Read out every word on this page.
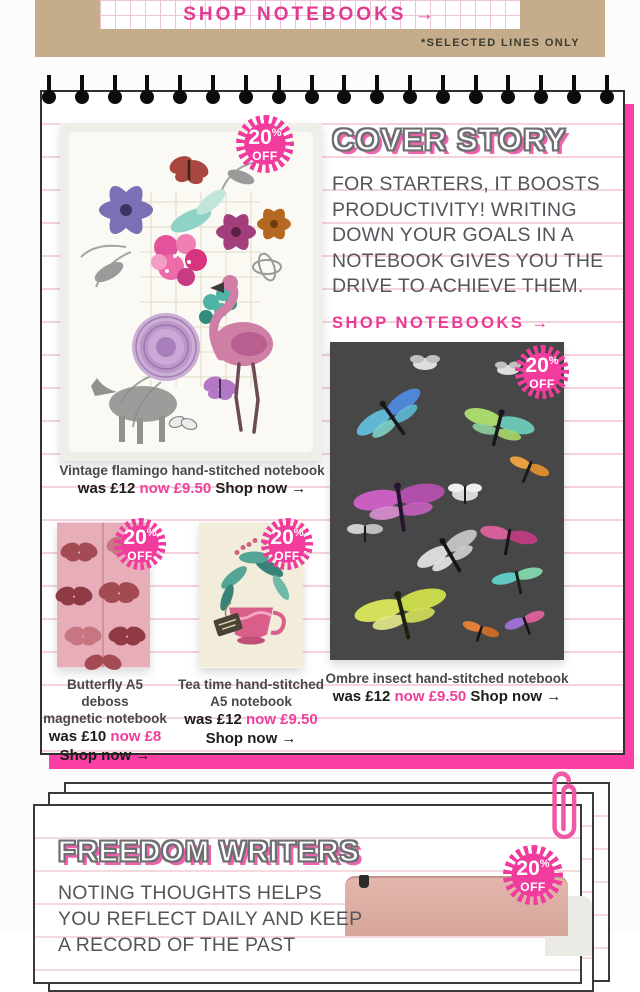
SHOP NOTEBOOKS →
*SELECTED LINES ONLY
20%
OFF COVER STORY
FOR STARTERS, IT BOOSTS
PRODUCTIVITY! WRITING
DOWN YOUR GOALS IN A
NOTEBOOK GIVES YOU THE
DRIVE TO ACHIEVE THEM.
SHOP NOTEBOOKS →
20%
OFF
Vintage flamingo hand-stitched notebook
was £12 now £9.50 Shop now →
20%
OFF
20%
OFF
Butterfly A5 deboss
magnetic notebook
was £10 now £8
Shop now →
Tea time hand-stitched
A5 notebook
was £12 now £9.50
Shop now →
Ombre insect hand-stitched notebook
was £12 now £9.50 Shop now →
FREEDOM WRITERS
NOTING THOUGHTS HELPS
YOU REFLECT DAILY AND KEEP
A RECORD OF THE PAST
20%
OFF
